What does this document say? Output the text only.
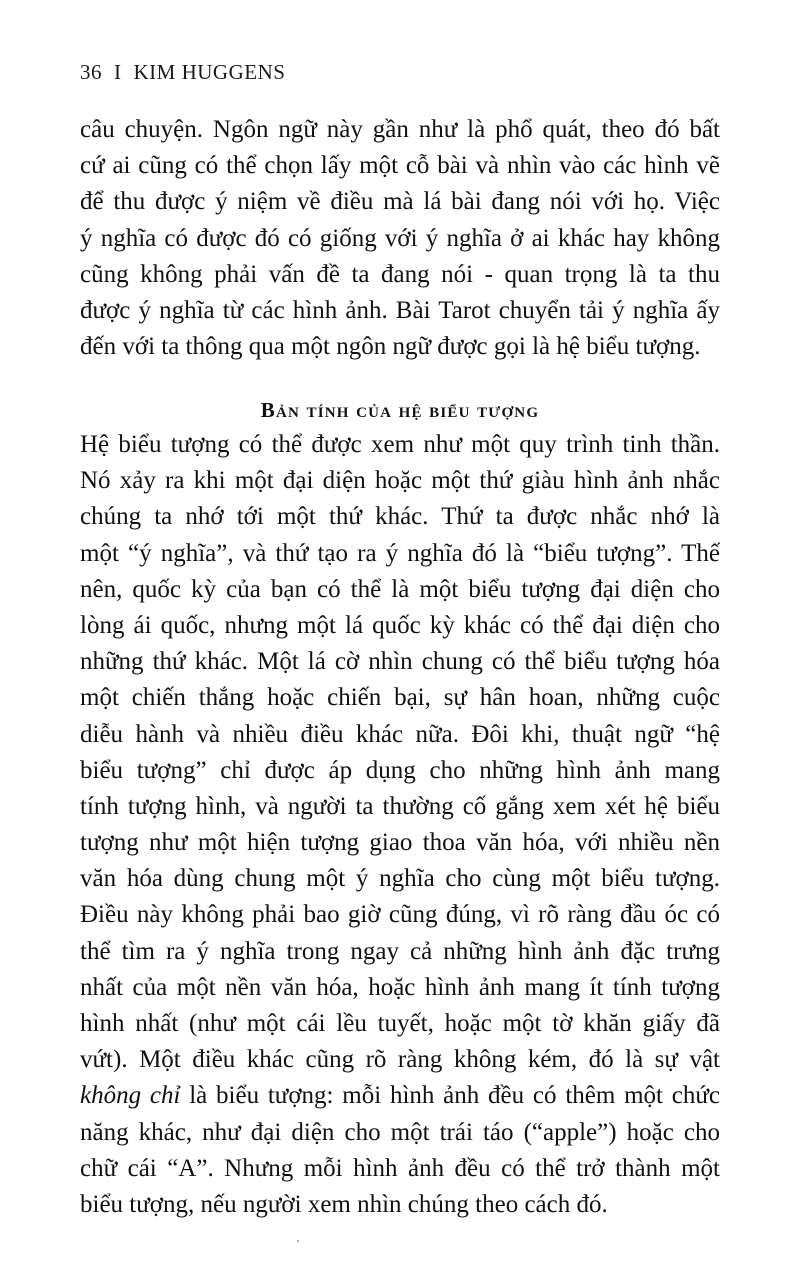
36 I KIM HUGGENS
câu chuyện. Ngôn ngữ này gần như là phổ quát, theo đó bất
cứ ai cũng có thể chọn lấy một cỗ bài và nhìn vào các hình vẽ
để thu được ý niệm về điều mà lá bài đang nói với họ. Việc
ý nghĩa có được đó có giống với ý nghĩa ở ai khác hay không
cũng không phải vấn đề ta đang nói - quan trọng là ta thu
được ý nghĩa từ các hình ảnh. Bài Tarot chuyển tải ý nghĩa ấy
đến với ta thông qua một ngôn ngữ được gọi là hệ biểu tượng.
Bản tính của hệ biểu tượng
Hệ biểu tượng có thể được xem như một quy trình tinh thần.
Nó xảy ra khi một đại diện hoặc một thứ giàu hình ảnh nhắc
chúng ta nhớ tới một thứ khác. Thứ ta được nhắc nhớ là
một “ý nghĩa”, và thứ tạo ra ý nghĩa đó là “biểu tượng”. Thế
nên, quốc kỳ của bạn có thể là một biểu tượng đại diện cho
lòng ái quốc, nhưng một lá quốc kỳ khác có thể đại diện cho
những thứ khác. Một lá cờ nhìn chung có thể biểu tượng hóa
một chiến thắng hoặc chiến bại, sự hân hoan, những cuộc
diễu hành và nhiều điều khác nữa. Đôi khi, thuật ngữ “hệ
biểu tượng” chỉ được áp dụng cho những hình ảnh mang
tính tượng hình, và người ta thường cố gắng xem xét hệ biểu
tượng như một hiện tượng giao thoa văn hóa, với nhiều nền
văn hóa dùng chung một ý nghĩa cho cùng một biểu tượng.
Điều này không phải bao giờ cũng đúng, vì rõ ràng đầu óc có
thể tìm ra ý nghĩa trong ngay cả những hình ảnh đặc trưng
nhất của một nền văn hóa, hoặc hình ảnh mang ít tính tượng
hình nhất (như một cái lều tuyết, hoặc một tờ khăn giấy đã
vứt). Một điều khác cũng rõ ràng không kém, đó là sự vật
không chỉ là biểu tượng: mỗi hình ảnh đều có thêm một chức
năng khác, như đại diện cho một trái táo (“apple”) hoặc cho
chữ cái “A”. Nhưng mỗi hình ảnh đều có thể trở thành một
biểu tượng, nếu người xem nhìn chúng theo cách đó.
